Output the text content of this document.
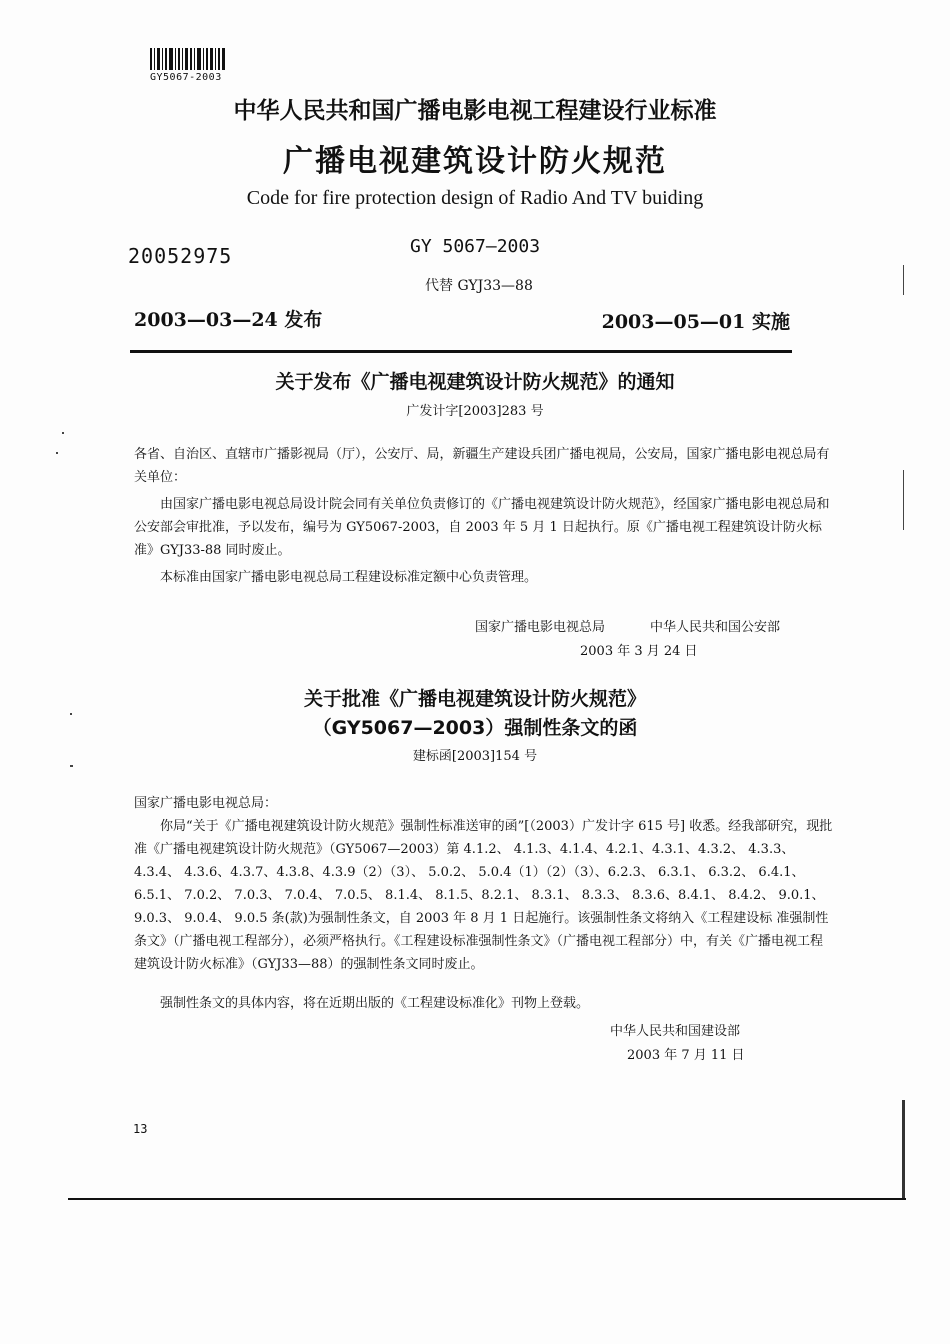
GY5067-2003
中华人民共和国广播电影电视工程建设行业标准
广播电视建筑设计防火规范
Code for fire protection design of Radio And TV buiding
20052975	GY 5067—2003
代替 GYJ33—88
2003—03—24 发布	2003—05—01 实施
关于发布《广播电视建筑设计防火规范》的通知
广发计字[2003]283 号
各省、自治区、直辖市广播影视局（厅），公安厅、局，新疆生产建设兵团广播电视局，公安局，国家广播电影电视总局有关单位：
由国家广播电影电视总局设计院会同有关单位负责修订的《广播电视建筑设计防火规范》，经国家广播电影电视总局和公安部会审批准，予以发布，编号为 GY5067-2003，自 2003 年 5 月 1 日起执行。原《广播电视工程建筑设计防火标准》GYJ33-88 同时废止。
本标准由国家广播电影电视总局工程建设标准定额中心负责管理。
国家广播电影电视总局	中华人民共和国公安部
2003 年 3 月 24 日
关于批准《广播电视建筑设计防火规范》
（GY5067—2003）强制性条文的函
建标函[2003]154 号
国家广播电影电视总局：
你局“关于《广播电视建筑设计防火规范》强制性标准送审的函”[（2003）广发计字 615 号] 收悉。经我部研究，现批准《广播电视建筑设计防火规范》（GY5067—2003）第 4.1.2、 4.1.3、4.1.4、4.2.1、4.3.1、4.3.2、 4.3.3、4.3.4、 4.3.6、4.3.7、4.3.8、4.3.9（2）（3）、 5.0.2、 5.0.4（1）（2）（3）、6.2.3、 6.3.1、 6.3.2、 6.4.1、 6.5.1、 7.0.2、 7.0.3、 7.0.4、 7.0.5、 8.1.4、 8.1.5、8.2.1、 8.3.1、 8.3.3、 8.3.6、8.4.1、 8.4.2、 9.0.1、 9.0.3、 9.0.4、 9.0.5 条(款)为强制性条文，自 2003 年 8 月 1 日起施行。该强制性条文将纳入《工程建设标 准强制性条文》（广播电视工程部分），必须严格执行。《工程建设标准强制性条文》（广播电视工程部分）中，有关《广播电视工程建筑设计防火标准》（GYJ33—88）的强制性条文同时废止。
强制性条文的具体内容，将在近期出版的《工程建设标准化》刊物上登载。
中华人民共和国建设部
2003 年 7 月 11 日
13
